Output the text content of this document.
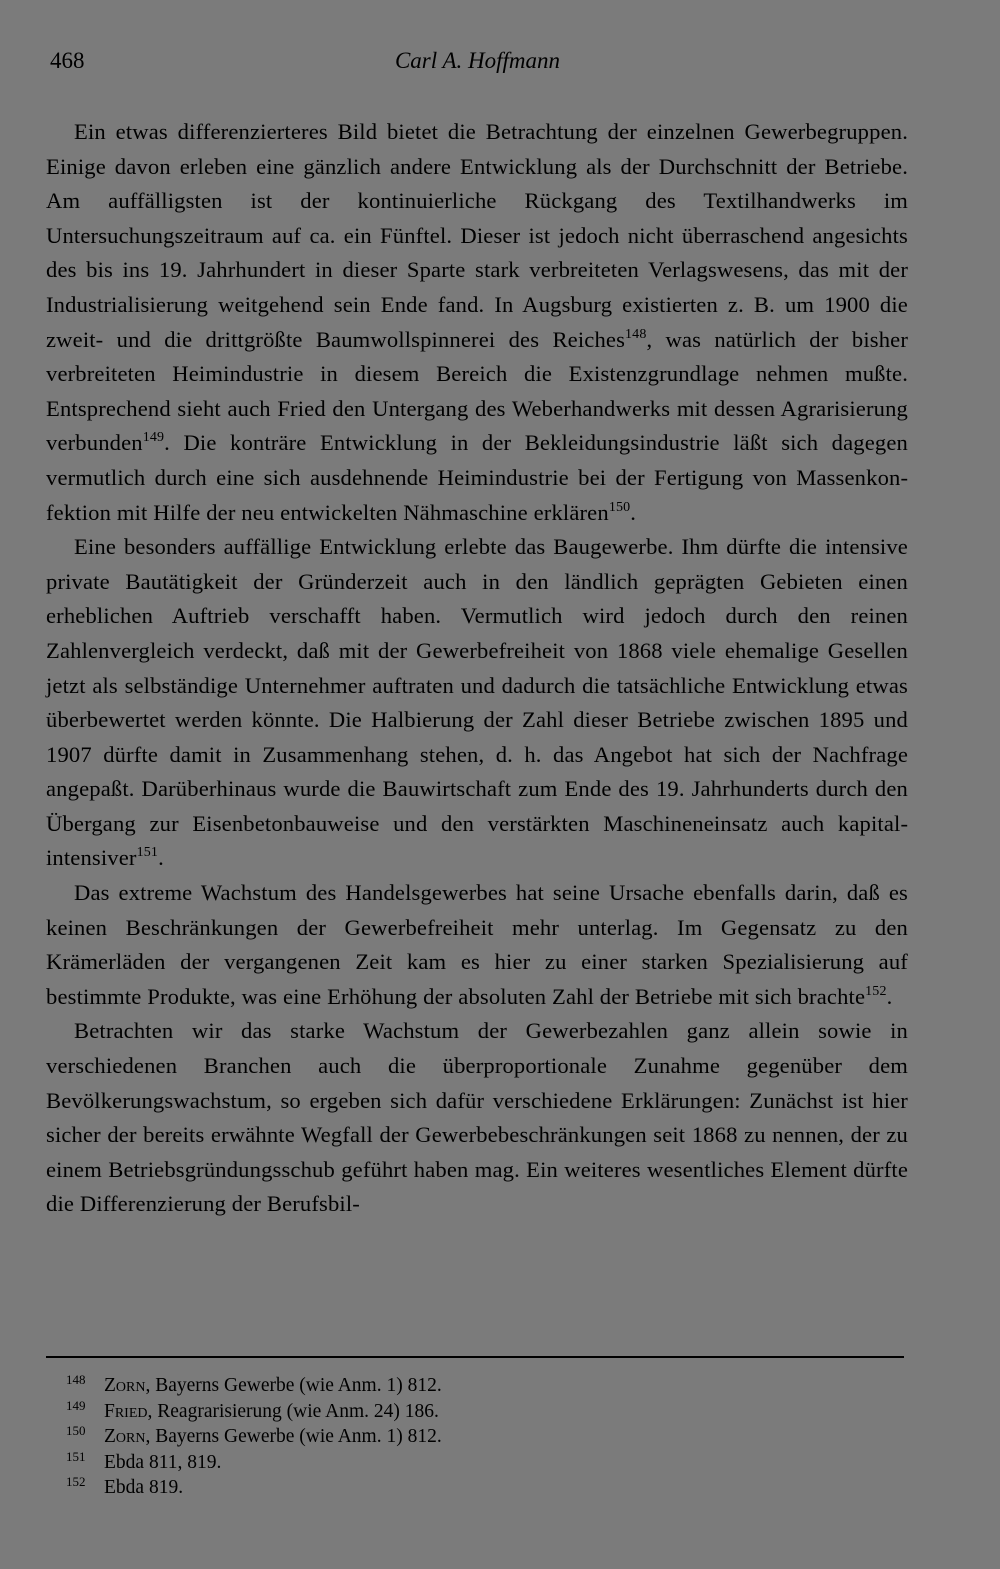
468	Carl A. Hoffmann

Ein etwas differenzierteres Bild bietet die Betrachtung der einzelnen Gewerbegruppen. Einige davon erleben eine gänzlich andere Entwicklung als der Durchschnitt der Betriebe. Am auffälligsten ist der kontinuierliche Rückgang des Textilhandwerks im Untersuchungszeitraum auf ca. ein Fünftel. Dieser ist jedoch nicht überraschend angesichts des bis ins 19. Jahrhundert in dieser Sparte stark verbreiteten Verlagswesens, das mit der Industrialisierung weitgehend sein Ende fand. In Augsburg existierten z. B. um 1900 die zweit- und die drittgrößte Baumwollspinnerei des Reiches$^{148}$, was natürlich der bisher verbreiteten Heimindustrie in diesem Bereich die Existenzgrundlage nehmen mußte. Entsprechend sieht auch Fried den Untergang des Weberhandwerks mit dessen Agrarisierung verbunden$^{149}$. Die konträre Entwicklung in der Bekleidungsindustrie läßt sich dagegen vermutlich durch eine sich ausdehnende Heimindustrie bei der Fertigung von Massenkonfektion mit Hilfe der neu entwickelten Nähmaschine erklären$^{150}$.

Eine besonders auffällige Entwicklung erlebte das Baugewerbe. Ihm dürfte die intensive private Bautätigkeit der Gründerzeit auch in den ländlich geprägten Gebieten einen erheblichen Auftrieb verschafft haben. Vermutlich wird jedoch durch den reinen Zahlenvergleich verdeckt, daß mit der Gewerbefreiheit von 1868 viele ehemalige Gesellen jetzt als selbständige Unternehmer auftraten und dadurch die tatsächliche Entwicklung etwas überbewertet werden könnte. Die Halbierung der Zahl dieser Betriebe zwischen 1895 und 1907 dürfte damit in Zusammenhang stehen, d. h. das Angebot hat sich der Nachfrage angepaßt. Darüberhinaus wurde die Bauwirtschaft zum Ende des 19. Jahrhunderts durch den Übergang zur Eisenbetonbauweise und den verstärkten Maschineneinsatz auch kapitalintensiver$^{151}$.

Das extreme Wachstum des Handelsgewerbes hat seine Ursache ebenfalls darin, daß es keinen Beschränkungen der Gewerbefreiheit mehr unterlag. Im Gegensatz zu den Krämerläden der vergangenen Zeit kam es hier zu einer starken Spezialisierung auf bestimmte Produkte, was eine Erhöhung der absoluten Zahl der Betriebe mit sich brachte$^{152}$.

Betrachten wir das starke Wachstum der Gewerbezahlen ganz allein sowie in verschiedenen Branchen auch die überproportionale Zunahme gegenüber dem Bevölkerungswachstum, so ergeben sich dafür verschiedene Erklärungen: Zunächst ist hier sicher der bereits erwähnte Wegfall der Gewerbebeschränkungen seit 1868 zu nennen, der zu einem Betriebsgründungsschub geführt haben mag. Ein weiteres wesentliches Element dürfte die Differenzierung der Berufsbil-

148 Zorn, Bayerns Gewerbe (wie Anm. 1) 812.
149 Fried, Reagrarisierung (wie Anm. 24) 186.
150 Zorn, Bayerns Gewerbe (wie Anm. 1) 812.
151 Ebda 811, 819.
152 Ebda 819.
